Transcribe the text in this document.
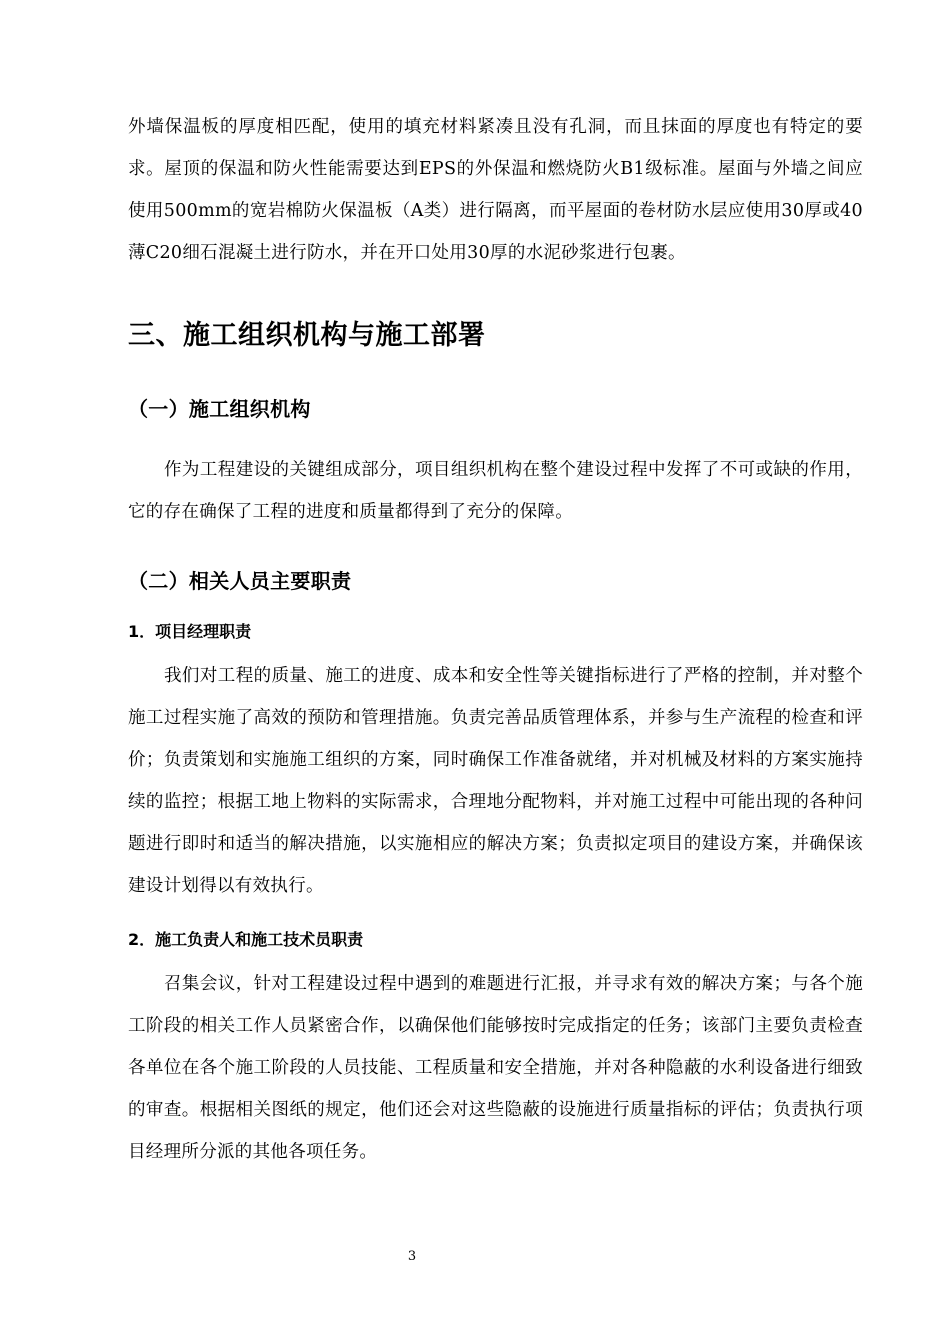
外墙保温板的厚度相匹配，使用的填充材料紧凑且没有孔洞，而且抹面的厚度也有特定的要求。屋顶的保温和防火性能需要达到EPS的外保温和燃烧防火B1级标准。屋面与外墙之间应使用500mm的宽岩棉防火保温板（A类）进行隔离，而平屋面的卷材防水层应使用30厚或40薄C20细石混凝土进行防水，并在开口处用30厚的水泥砂浆进行包裹。

三、施工组织机构与施工部署
（一）施工组织机构

作为工程建设的关键组成部分，项目组织机构在整个建设过程中发挥了不可或缺的作用，它的存在确保了工程的进度和质量都得到了充分的保障。

（二）相关人员主要职责
1．项目经理职责

我们对工程的质量、施工的进度、成本和安全性等关键指标进行了严格的控制，并对整个施工过程实施了高效的预防和管理措施。负责完善品质管理体系，并参与生产流程的检查和评价；负责策划和实施施工组织的方案，同时确保工作准备就绪，并对机械及材料的方案实施持续的监控；根据工地上物料的实际需求，合理地分配物料，并对施工过程中可能出现的各种问题进行即时和适当的解决措施，以实施相应的解决方案；负责拟定项目的建设方案，并确保该建设计划得以有效执行。

2．施工负责人和施工技术员职责

召集会议，针对工程建设过程中遇到的难题进行汇报，并寻求有效的解决方案；与各个施工阶段的相关工作人员紧密合作，以确保他们能够按时完成指定的任务；该部门主要负责检查各单位在各个施工阶段的人员技能、工程质量和安全措施，并对各种隐蔽的水利设备进行细致的审查。根据相关图纸的规定，他们还会对这些隐蔽的设施进行质量指标的评估；负责执行项目经理所分派的其他各项任务。

3
